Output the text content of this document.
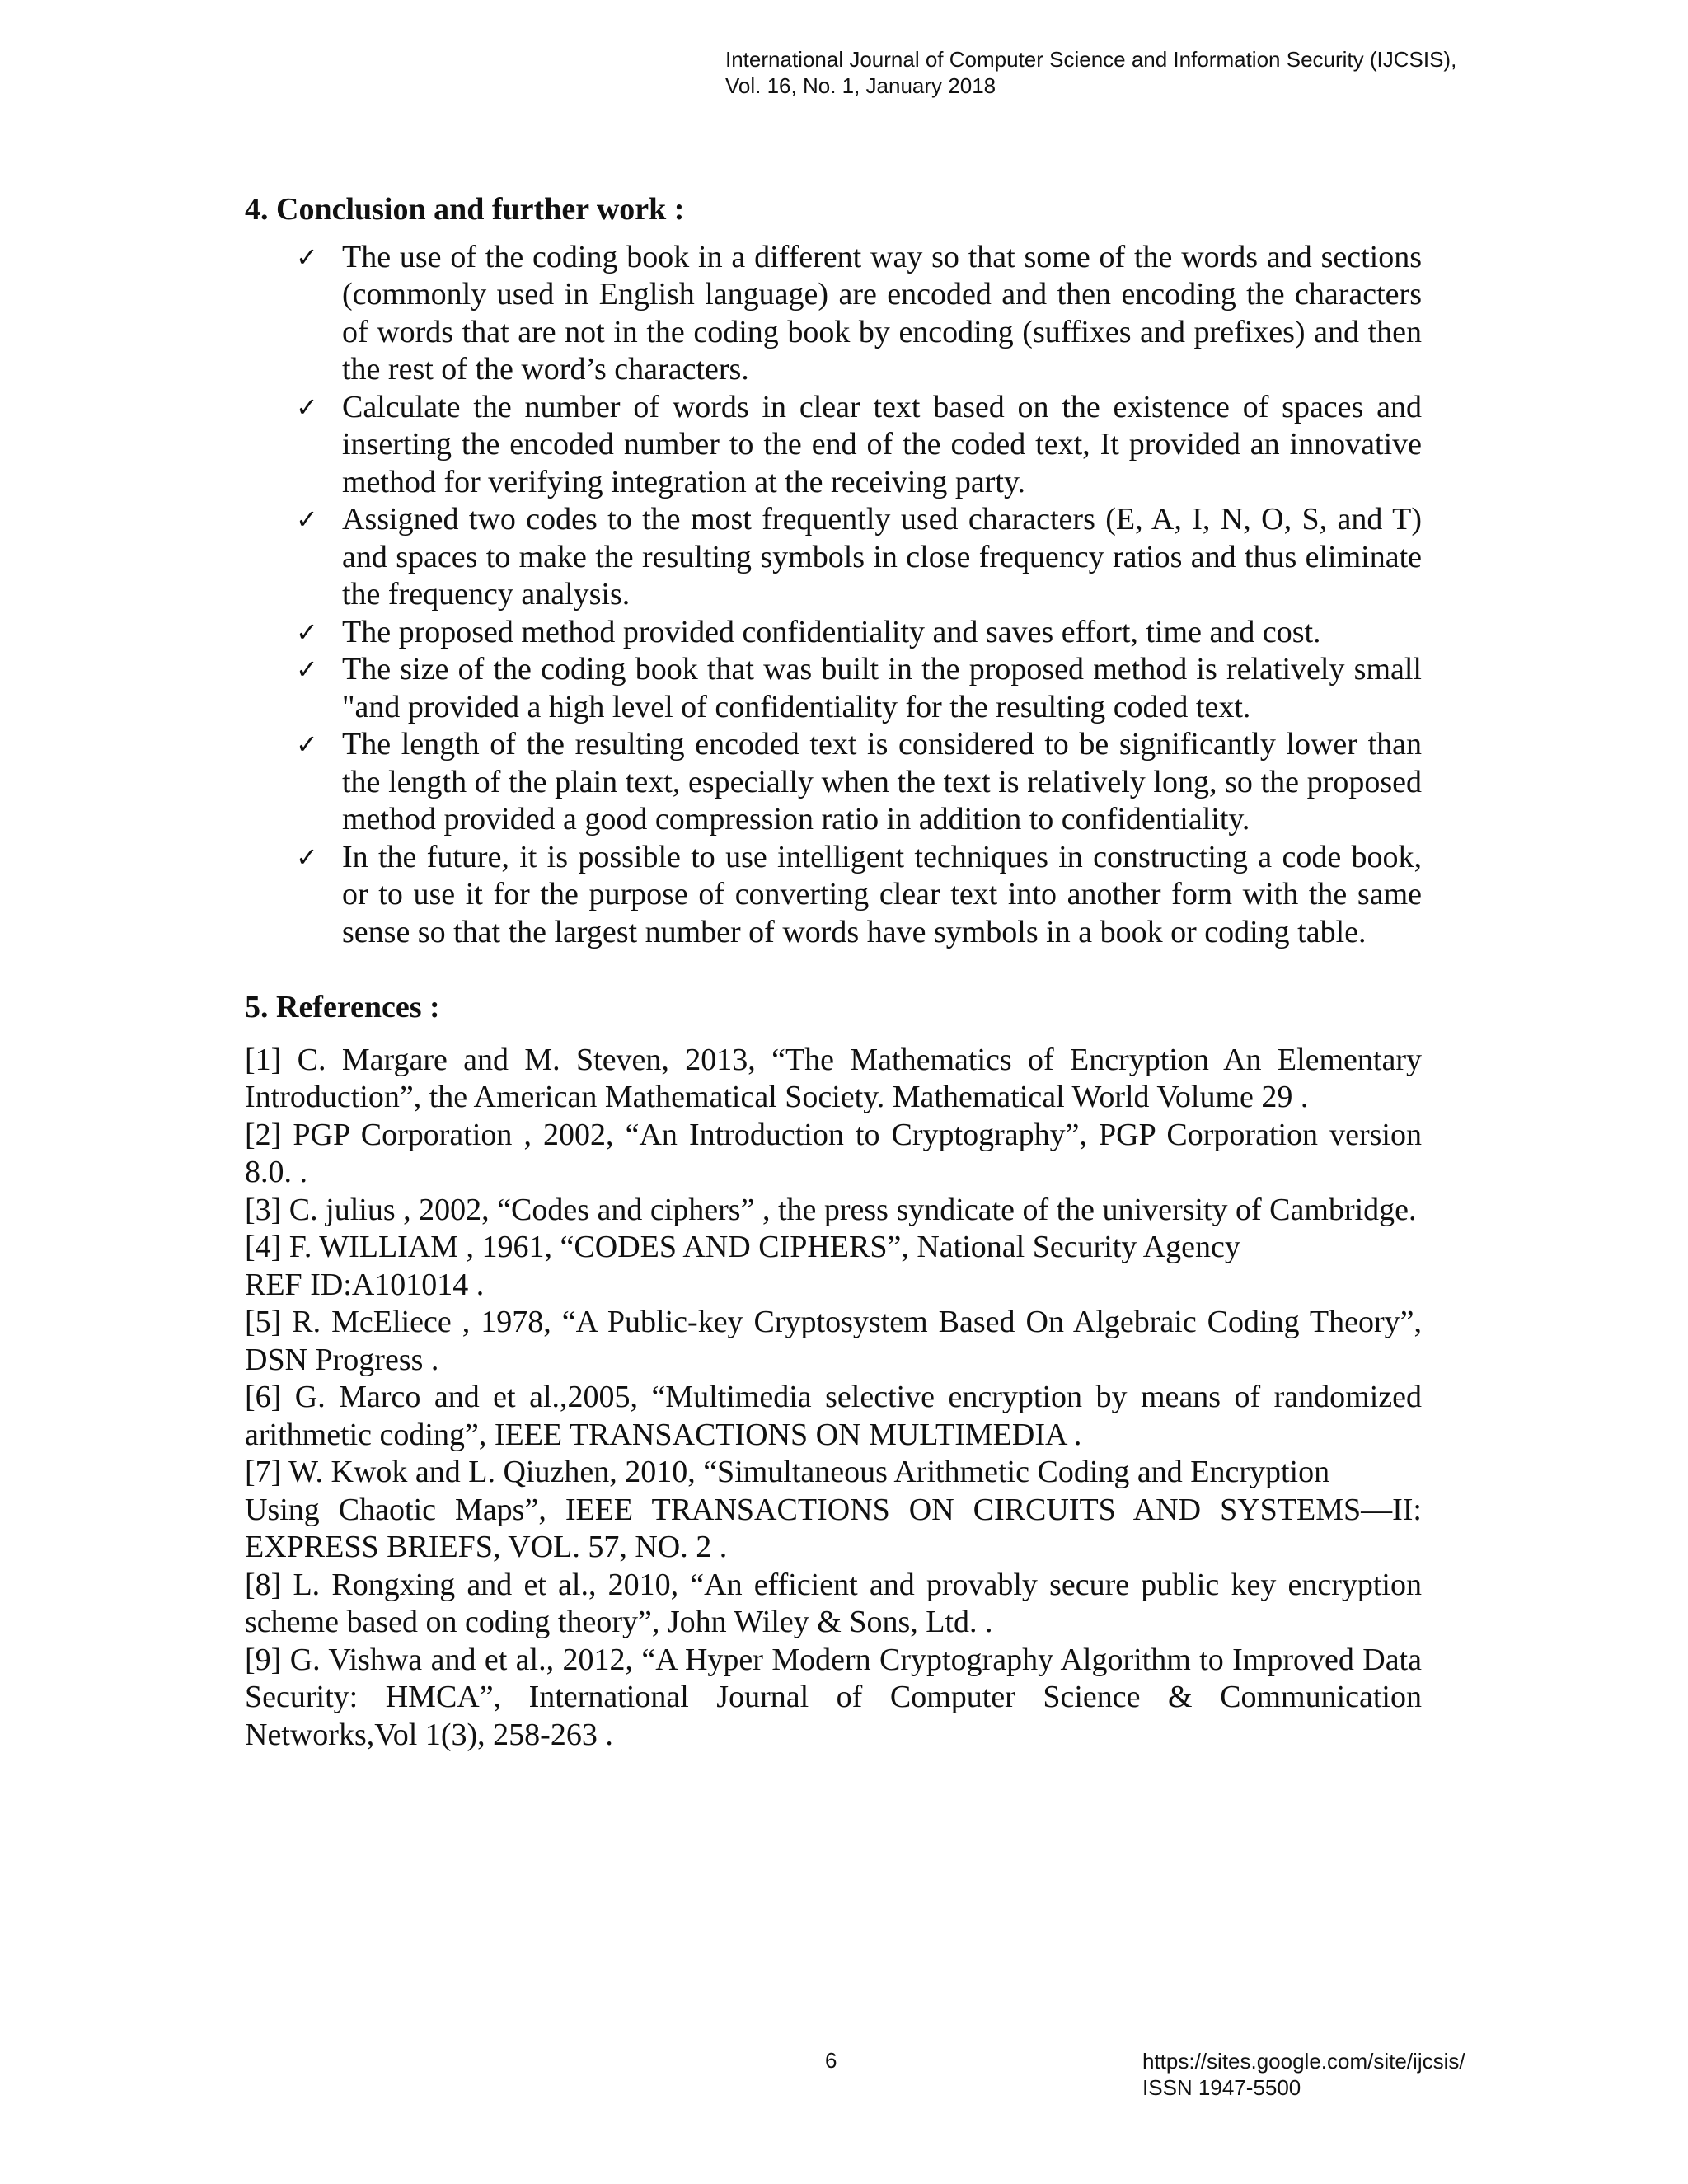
International Journal of Computer Science and Information Security (IJCSIS),
Vol. 16, No. 1, January 2018
4. Conclusion and further work :
✓ The use of the coding book in a different way so that some of the words and sections (commonly used in English language) are encoded and then encoding the characters of words that are not in the coding book by encoding (suffixes and prefixes) and then the rest of the word’s characters.
✓ Calculate the number of words in clear text based on the existence of spaces and inserting the encoded number to the end of the coded text, It provided an innovative method for verifying integration at the receiving party.
✓ Assigned two codes to the most frequently used characters (E, A, I, N, O, S, and T) and spaces to make the resulting symbols in close frequency ratios and thus eliminate the frequency analysis.
✓ The proposed method provided confidentiality and saves effort, time and cost.
✓ The size of the coding book that was built in the proposed method is relatively small "and provided a high level of confidentiality for the resulting coded text.
✓ The length of the resulting encoded text is considered to be significantly lower than the length of the plain text, especially when the text is relatively long, so the proposed method provided a good compression ratio in addition to confidentiality.
✓ In the future, it is possible to use intelligent techniques in constructing a code book, or to use it for the purpose of converting clear text into another form with the same sense so that the largest number of words have symbols in a book or coding table.
5. References :
[1] C. Margare and M. Steven, 2013, “The Mathematics of Encryption An Elementary Introduction”, the American Mathematical Society. Mathematical World Volume 29 .
[2] PGP Corporation , 2002, “An Introduction to Cryptography”, PGP Corporation version 8.0. .
[3] C. julius , 2002, “Codes and ciphers” , the press syndicate of the university of Cambridge.
[4] F. WILLIAM , 1961, “CODES AND CIPHERS”, National Security Agency
REF ID:A101014 .
[5] R. McEliece , 1978, “A Public-key Cryptosystem Based On Algebraic Coding Theory”, DSN Progress .
[6] G. Marco and et al.,2005, “Multimedia selective encryption by means of randomized arithmetic coding”, IEEE TRANSACTIONS ON MULTIMEDIA .
[7] W. Kwok and L. Qiuzhen, 2010, “Simultaneous Arithmetic Coding and Encryption
Using Chaotic Maps”, IEEE TRANSACTIONS ON CIRCUITS AND SYSTEMS—II: EXPRESS BRIEFS, VOL. 57, NO. 2 .
[8] L. Rongxing and et al., 2010, “An efficient and provably secure public key encryption scheme based on coding theory”, John Wiley & Sons, Ltd. .
[9] G. Vishwa and et al., 2012, “A Hyper Modern Cryptography Algorithm to Improved Data Security: HMCA”, International Journal of Computer Science & Communication Networks,Vol 1(3), 258-263 .
6	https://sites.google.com/site/ijcsis/
ISSN 1947-5500
